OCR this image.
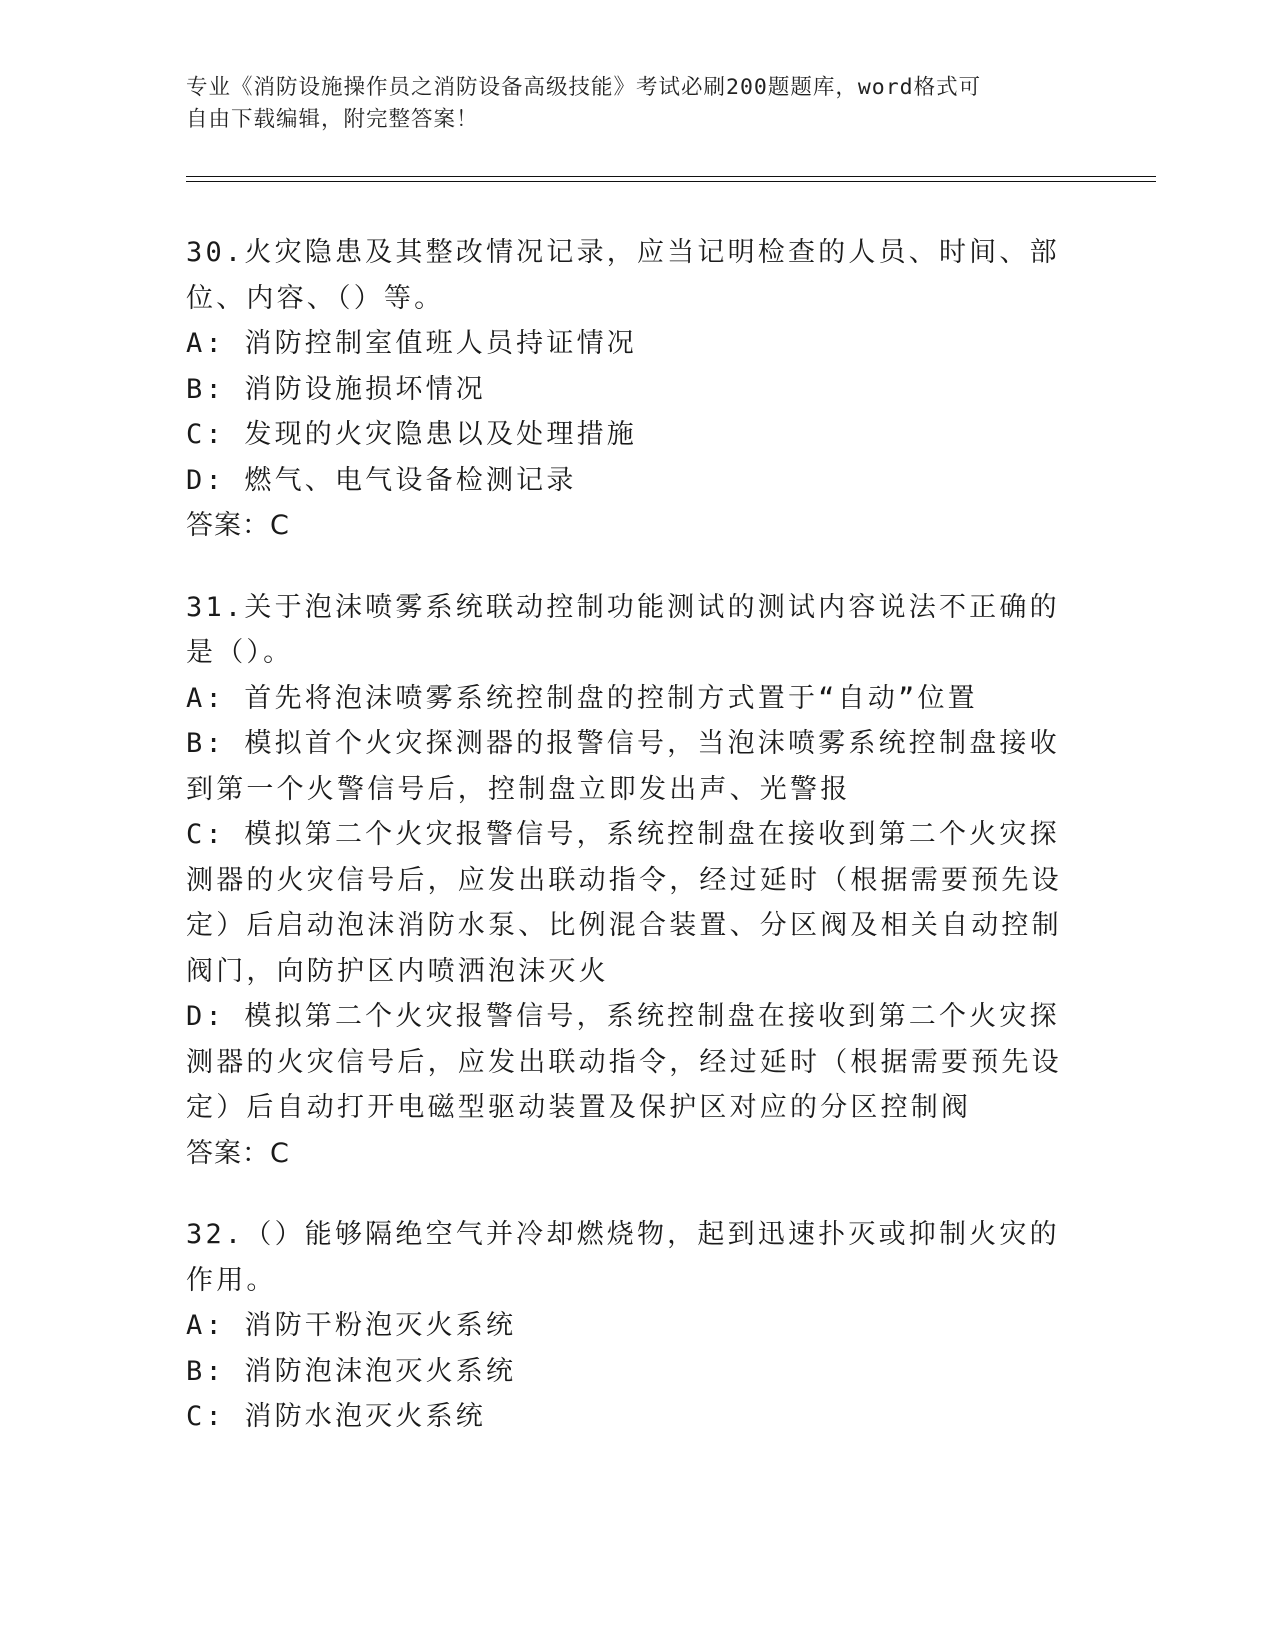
专业《消防设施操作员之消防设备高级技能》考试必刷200题题库，word格式可
自由下载编辑，附完整答案！

30.火灾隐患及其整改情况记录，应当记明检查的人员、时间、部位、内容、（）等。

A: 消防控制室值班人员持证情况

B: 消防设施损坏情况

C: 发现的火灾隐患以及处理措施

D: 燃气、电气设备检测记录

答案：C

31.关于泡沫喷雾系统联动控制功能测试的测试内容说法不正确的是（）。

A: 首先将泡沫喷雾系统控制盘的控制方式置于“自动”位置

B: 模拟首个火灾探测器的报警信号，当泡沫喷雾系统控制盘接收到第一个火警信号后，控制盘立即发出声、光警报

C: 模拟第二个火灾报警信号，系统控制盘在接收到第二个火灾探测器的火灾信号后，应发出联动指令，经过延时（根据需要预先设定）后启动泡沫消防水泵、比例混合装置、分区阀及相关自动控制阀门，向防护区内喷洒泡沫灭火

D: 模拟第二个火灾报警信号，系统控制盘在接收到第二个火灾探测器的火灾信号后，应发出联动指令，经过延时（根据需要预先设定）后自动打开电磁型驱动装置及保护区对应的分区控制阀

答案：C

32.（）能够隔绝空气并冷却燃烧物，起到迅速扑灭或抑制火灾的作用。

A: 消防干粉泡灭火系统

B: 消防泡沫泡灭火系统

C: 消防水泡灭火系统
